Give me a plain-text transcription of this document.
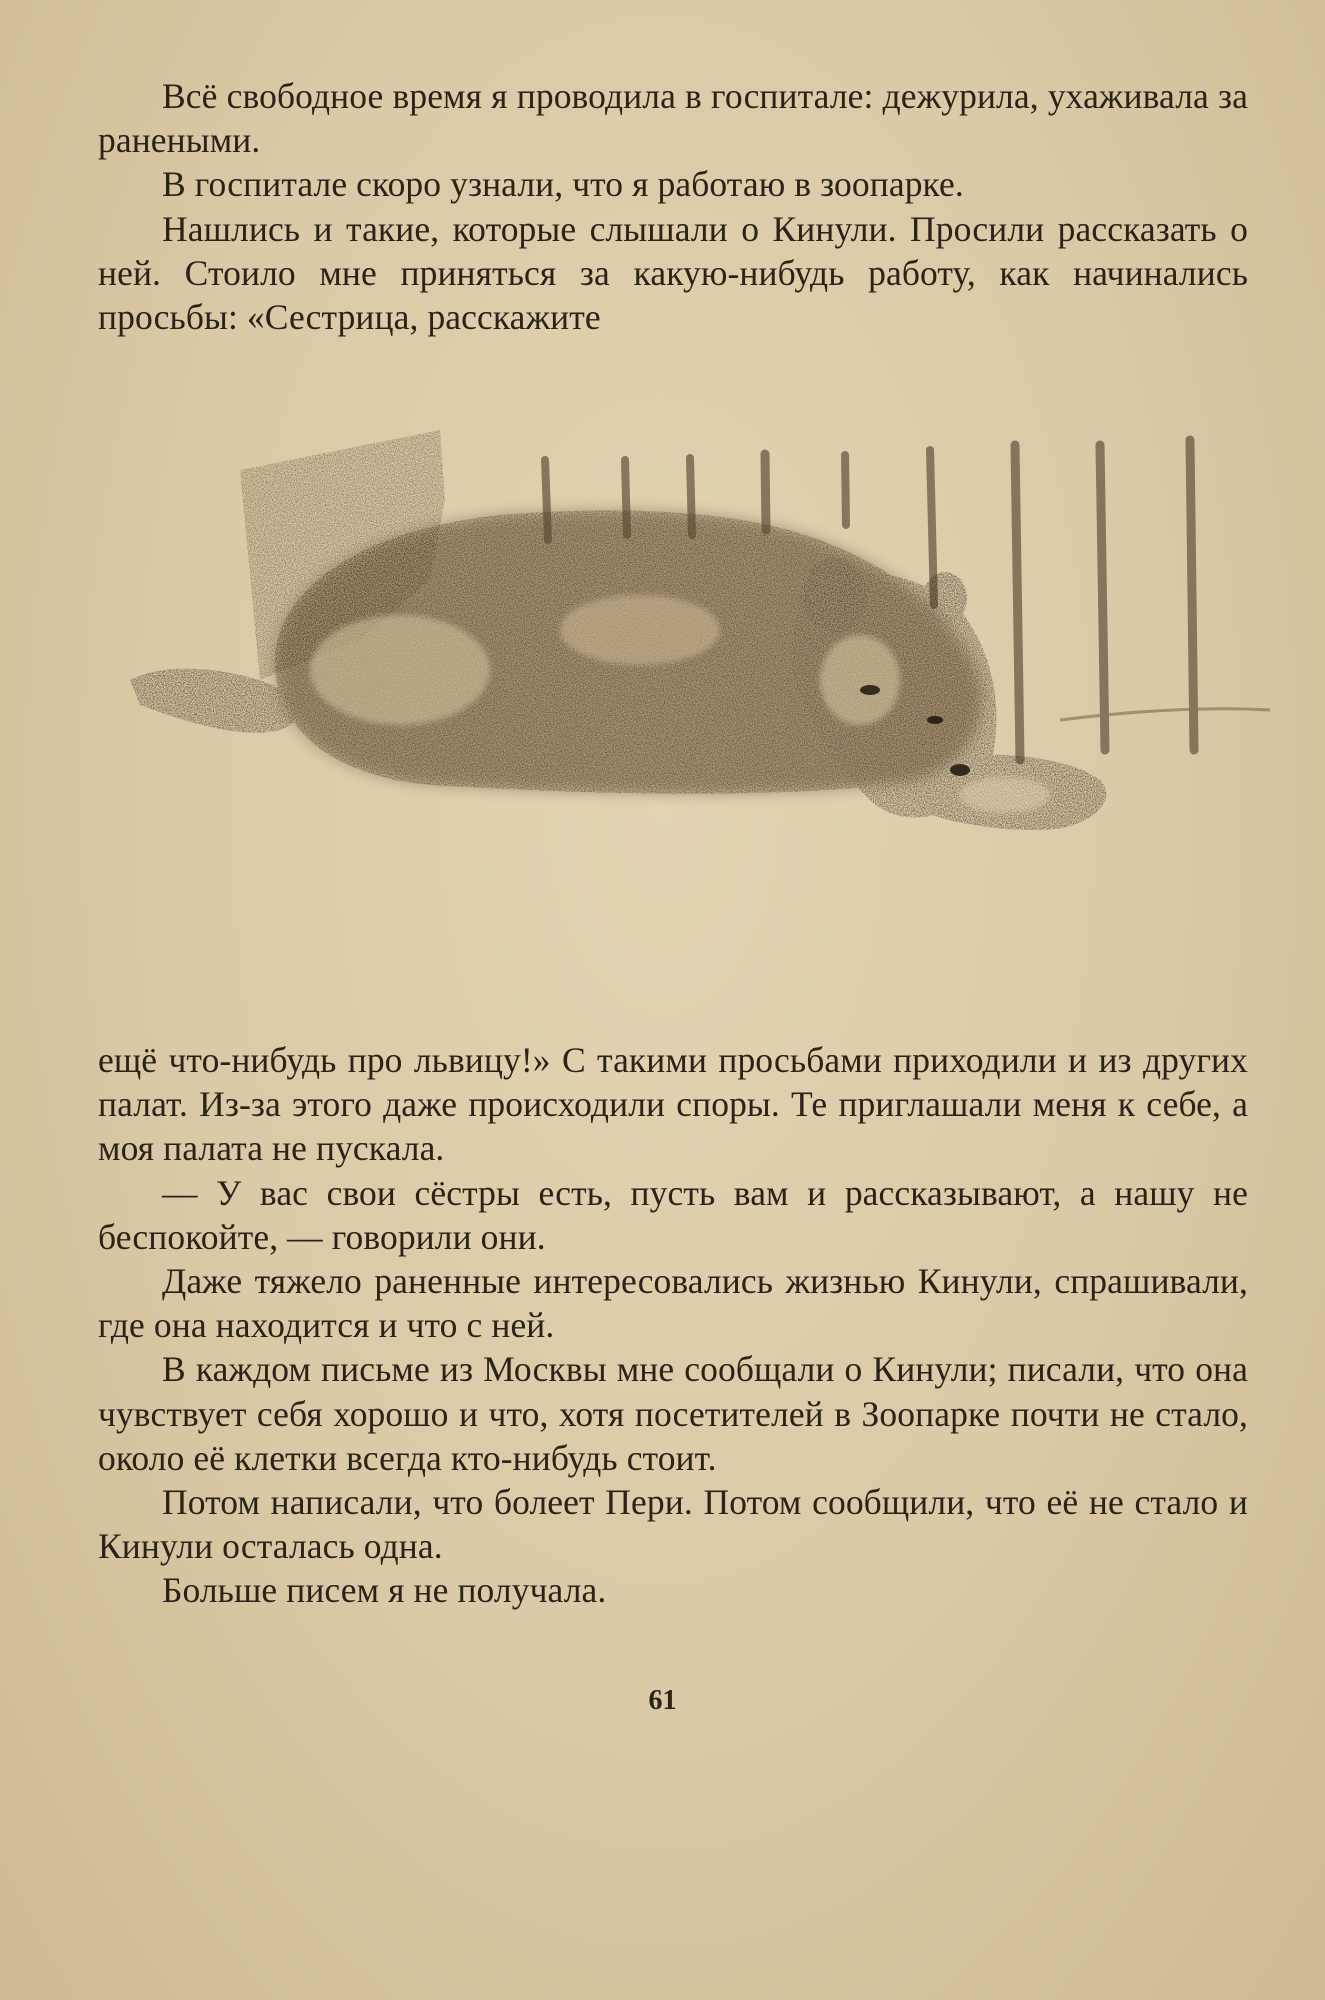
Всё свободное время я проводила в госпитале: дежурила, ухаживала за ранеными.

В госпитале скоро узнали, что я работаю в зоопарке.

Нашлись и такие, которые слышали о Кинули. Просили рассказать о ней. Стоило мне приняться за какую-нибудь работу, как начинались просьбы: «Сестрица, расскажите

ещё что-нибудь про львицу!» С такими просьбами приходили и из других палат. Из-за этого даже происходили споры. Те приглашали меня к себе, а моя палата не пускала.

— У вас свои сёстры есть, пусть вам и рассказывают, а нашу не беспокойте, — говорили они.

Даже тяжело раненные интересовались жизнью Кинули, спрашивали, где она находится и что с ней.

В каждом письме из Москвы мне сообщали о Кинули; писали, что она чувствует себя хорошо и что, хотя посетителей в Зоопарке почти не стало, около её клетки всегда кто-нибудь стоит.

Потом написали, что болеет Пери. Потом сообщили, что её не стало и Кинули осталась одна.

Больше писем я не получала.

61
